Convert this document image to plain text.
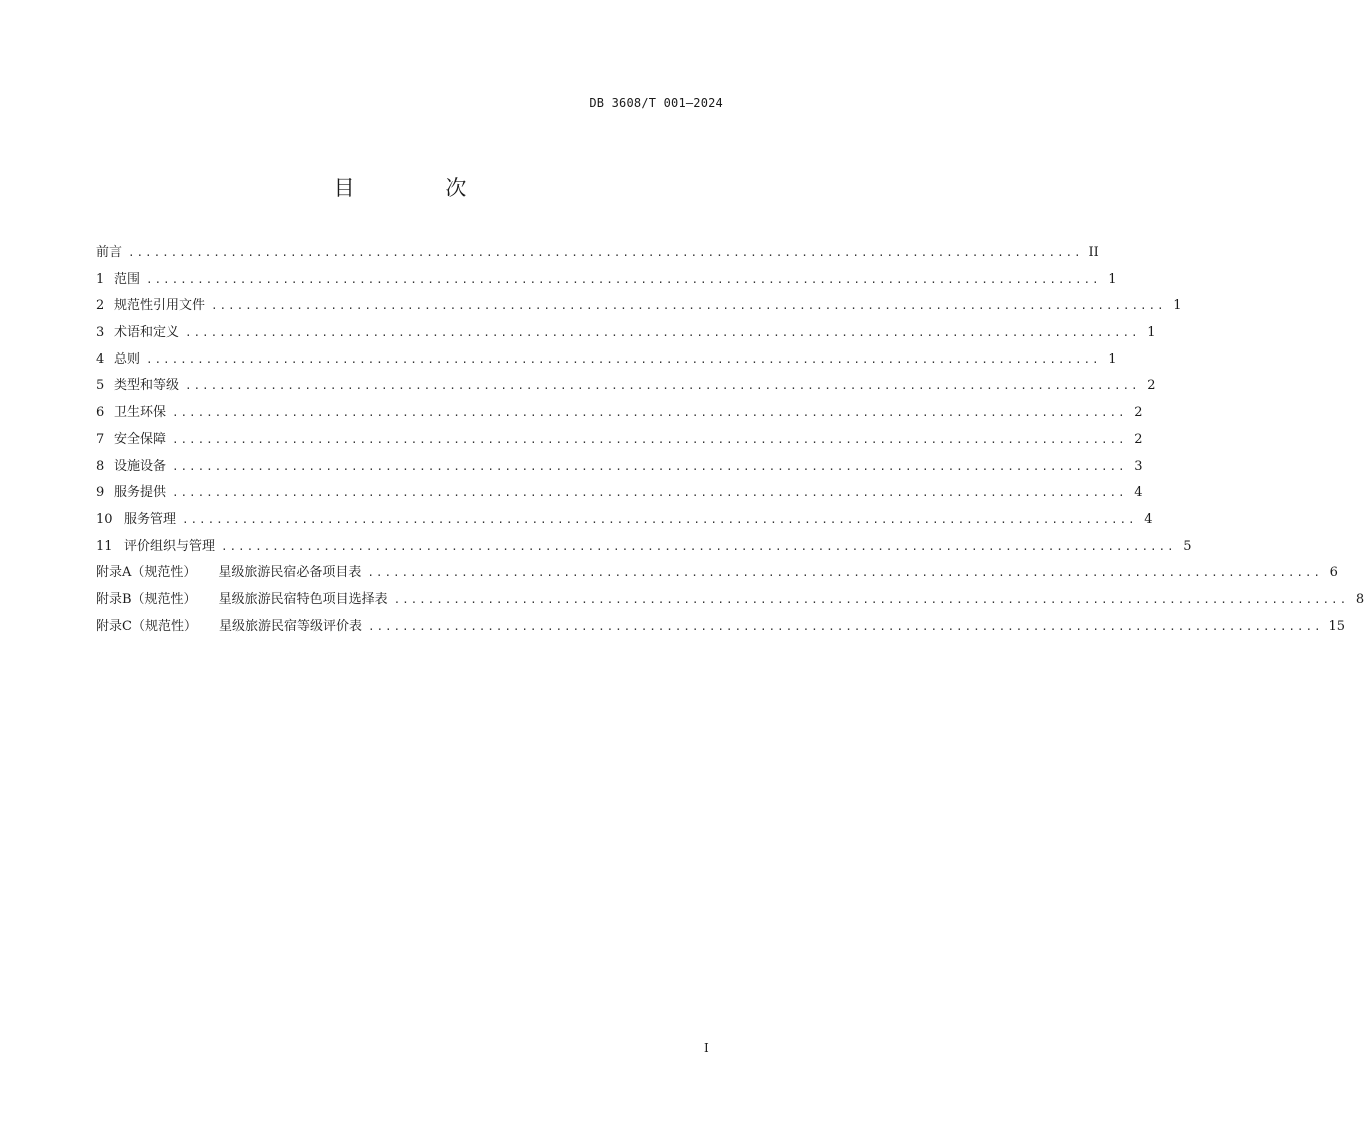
DB 3608/T 001—2024
目 次
前言 ................................................................................................................ II
1 范围 ................................................................................................................ 1
2 规范性引用文件 ................................................................................................................ 1
3 术语和定义 ................................................................................................................ 1
4 总则 ................................................................................................................ 1
5 类型和等级 ................................................................................................................ 2
6 卫生环保 ................................................................................................................ 2
7 安全保障 ................................................................................................................ 2
8 设施设备 ................................................................................................................ 3
9 服务提供 ................................................................................................................ 4
10 服务管理 ................................................................................................................ 4
11 评价组织与管理 ................................................................................................................ 5
附录A（规范性） 星级旅游民宿必备项目表 ................................................................................................................ 6
附录B（规范性） 星级旅游民宿特色项目选择表 ................................................................................................................ 8
附录C（规范性） 星级旅游民宿等级评价表 ................................................................................................................ 15
I
